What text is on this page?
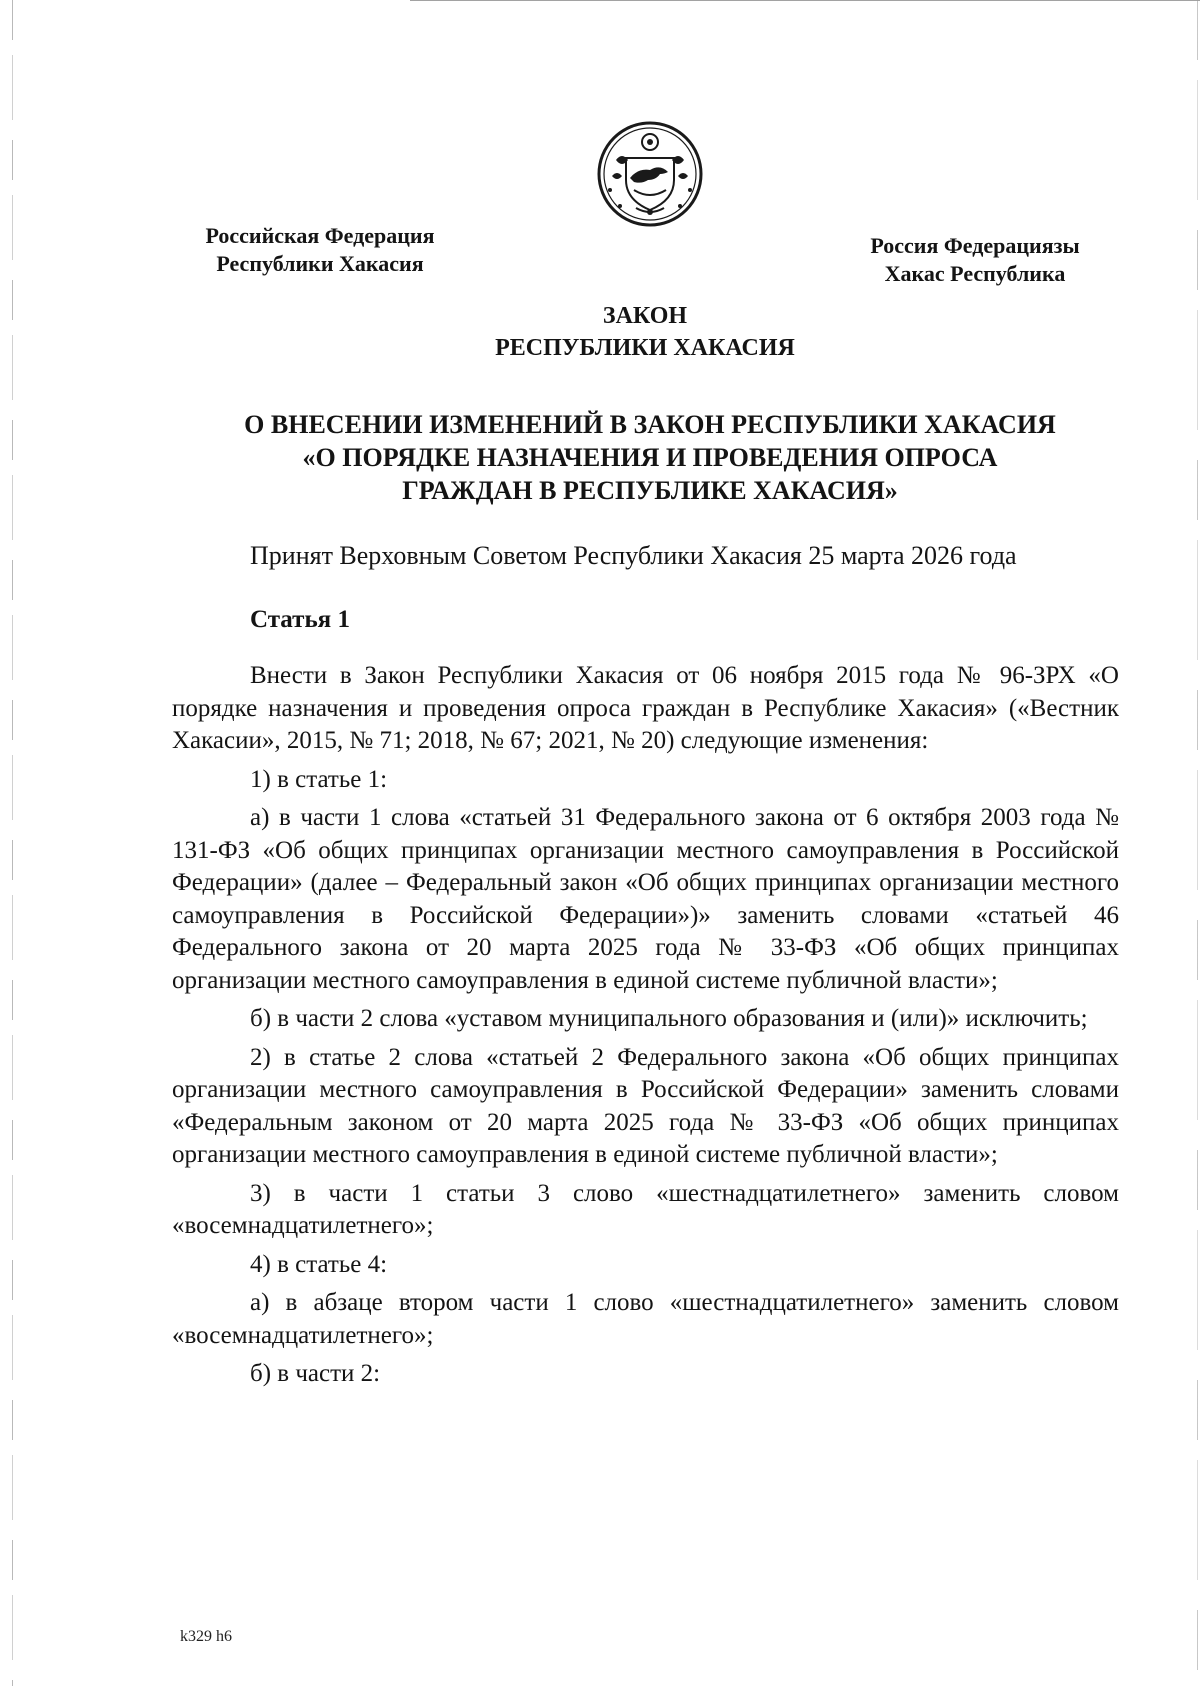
Российская Федерация
Республики Хакасия
Россия Федерациязы
Хакас Республика
ЗАКОН
РЕСПУБЛИКИ ХАКАСИЯ
О ВНЕСЕНИИ ИЗМЕНЕНИЙ В ЗАКОН РЕСПУБЛИКИ ХАКАСИЯ
«О ПОРЯДКЕ НАЗНАЧЕНИЯ И ПРОВЕДЕНИЯ ОПРОСА
ГРАЖДАН В РЕСПУБЛИКЕ ХАКАСИЯ»
Принят Верховным Советом Республики Хакасия 25 марта 2026 года
Статья 1

Внести в Закон Республики Хакасия от 06 ноября 2015 года № 96-ЗРХ «О порядке назначения и проведения опроса граждан в Республике Хакасия» («Вестник Хакасии», 2015, № 71; 2018, № 67; 2021, № 20) следующие изменения:

1) в статье 1:

а) в части 1 слова «статьей 31 Федерального закона от 6 октября 2003 года № 131-ФЗ «Об общих принципах организации местного самоуправления в Российской Федерации» (далее – Федеральный закон «Об общих принципах организации местного самоуправления в Российской Федерации»)» заменить словами «статьей 46 Федерального закона от 20 марта 2025 года № 33-ФЗ «Об общих принципах организации местного самоуправления в единой системе публичной власти»;

б) в части 2 слова «уставом муниципального образования и (или)» исключить;

2) в статье 2 слова «статьей 2 Федерального закона «Об общих принципах организации местного самоуправления в Российской Федерации» заменить словами «Федеральным законом от 20 марта 2025 года № 33-ФЗ «Об общих принципах организации местного самоуправления в единой системе публичной власти»;

3) в части 1 статьи 3 слово «шестнадцатилетнего» заменить словом «восемнадцатилетнего»;

4) в статье 4:

а) в абзаце втором части 1 слово «шестнадцатилетнего» заменить словом «восемнадцатилетнего»;

б) в части 2:

k329 h6
